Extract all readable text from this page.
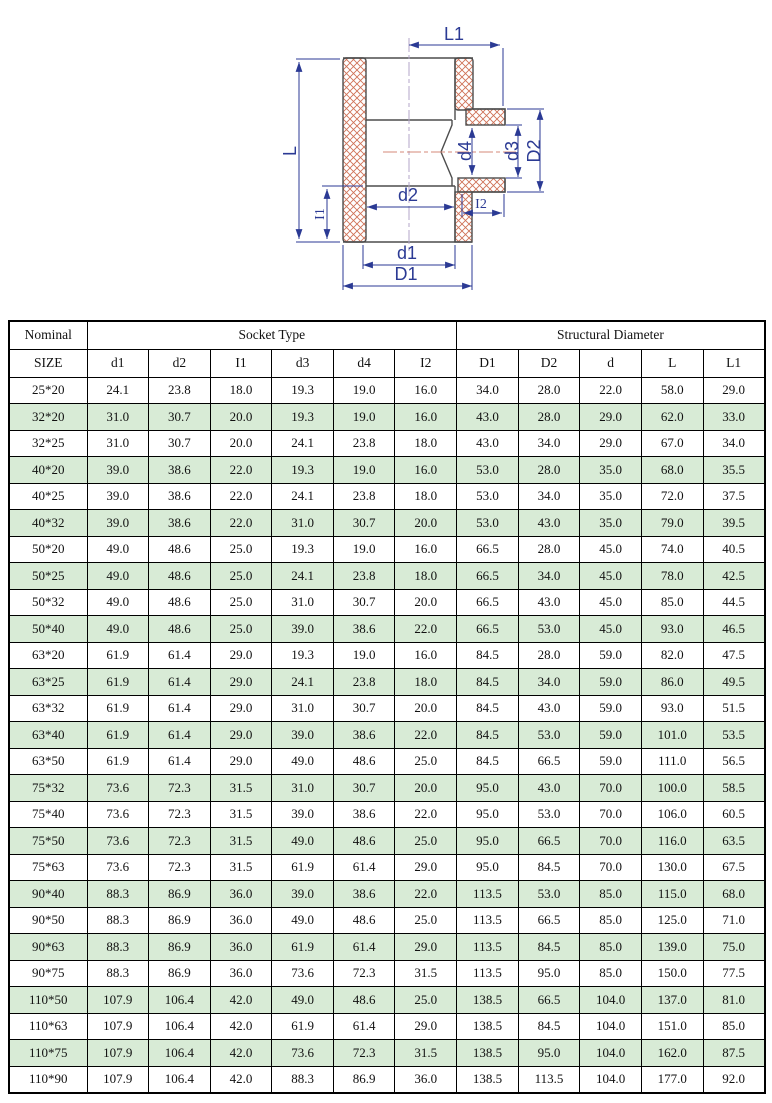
L1
L
I1
d2	I2
d1
D1
d4 d3 D2
Nominal	Socket Type						Structural Diameter				
SIZE	d1	d2	I1	d3	d4	I2	D1	D2	d	L	L1
25*20	24.1	23.8	18.0	19.3	19.0	16.0	34.0	28.0	22.0	58.0	29.0
32*20	31.0	30.7	20.0	19.3	19.0	16.0	43.0	28.0	29.0	62.0	33.0
32*25	31.0	30.7	20.0	24.1	23.8	18.0	43.0	34.0	29.0	67.0	34.0
40*20	39.0	38.6	22.0	19.3	19.0	16.0	53.0	28.0	35.0	68.0	35.5
40*25	39.0	38.6	22.0	24.1	23.8	18.0	53.0	34.0	35.0	72.0	37.5
40*32	39.0	38.6	22.0	31.0	30.7	20.0	53.0	43.0	35.0	79.0	39.5
50*20	49.0	48.6	25.0	19.3	19.0	16.0	66.5	28.0	45.0	74.0	40.5
50*25	49.0	48.6	25.0	24.1	23.8	18.0	66.5	34.0	45.0	78.0	42.5
50*32	49.0	48.6	25.0	31.0	30.7	20.0	66.5	43.0	45.0	85.0	44.5
50*40	49.0	48.6	25.0	39.0	38.6	22.0	66.5	53.0	45.0	93.0	46.5
63*20	61.9	61.4	29.0	19.3	19.0	16.0	84.5	28.0	59.0	82.0	47.5
63*25	61.9	61.4	29.0	24.1	23.8	18.0	84.5	34.0	59.0	86.0	49.5
63*32	61.9	61.4	29.0	31.0	30.7	20.0	84.5	43.0	59.0	93.0	51.5
63*40	61.9	61.4	29.0	39.0	38.6	22.0	84.5	53.0	59.0	101.0	53.5
63*50	61.9	61.4	29.0	49.0	48.6	25.0	84.5	66.5	59.0	111.0	56.5
75*32	73.6	72.3	31.5	31.0	30.7	20.0	95.0	43.0	70.0	100.0	58.5
75*40	73.6	72.3	31.5	39.0	38.6	22.0	95.0	53.0	70.0	106.0	60.5
75*50	73.6	72.3	31.5	49.0	48.6	25.0	95.0	66.5	70.0	116.0	63.5
75*63	73.6	72.3	31.5	61.9	61.4	29.0	95.0	84.5	70.0	130.0	67.5
90*40	88.3	86.9	36.0	39.0	38.6	22.0	113.5	53.0	85.0	115.0	68.0
90*50	88.3	86.9	36.0	49.0	48.6	25.0	113.5	66.5	85.0	125.0	71.0
90*63	88.3	86.9	36.0	61.9	61.4	29.0	113.5	84.5	85.0	139.0	75.0
90*75	88.3	86.9	36.0	73.6	72.3	31.5	113.5	95.0	85.0	150.0	77.5
110*50	107.9	106.4	42.0	49.0	48.6	25.0	138.5	66.5	104.0	137.0	81.0
110*63	107.9	106.4	42.0	61.9	61.4	29.0	138.5	84.5	104.0	151.0	85.0
110*75	107.9	106.4	42.0	73.6	72.3	31.5	138.5	95.0	104.0	162.0	87.5
110*90	107.9	106.4	42.0	88.3	86.9	36.0	138.5	113.5	104.0	177.0	92.0
